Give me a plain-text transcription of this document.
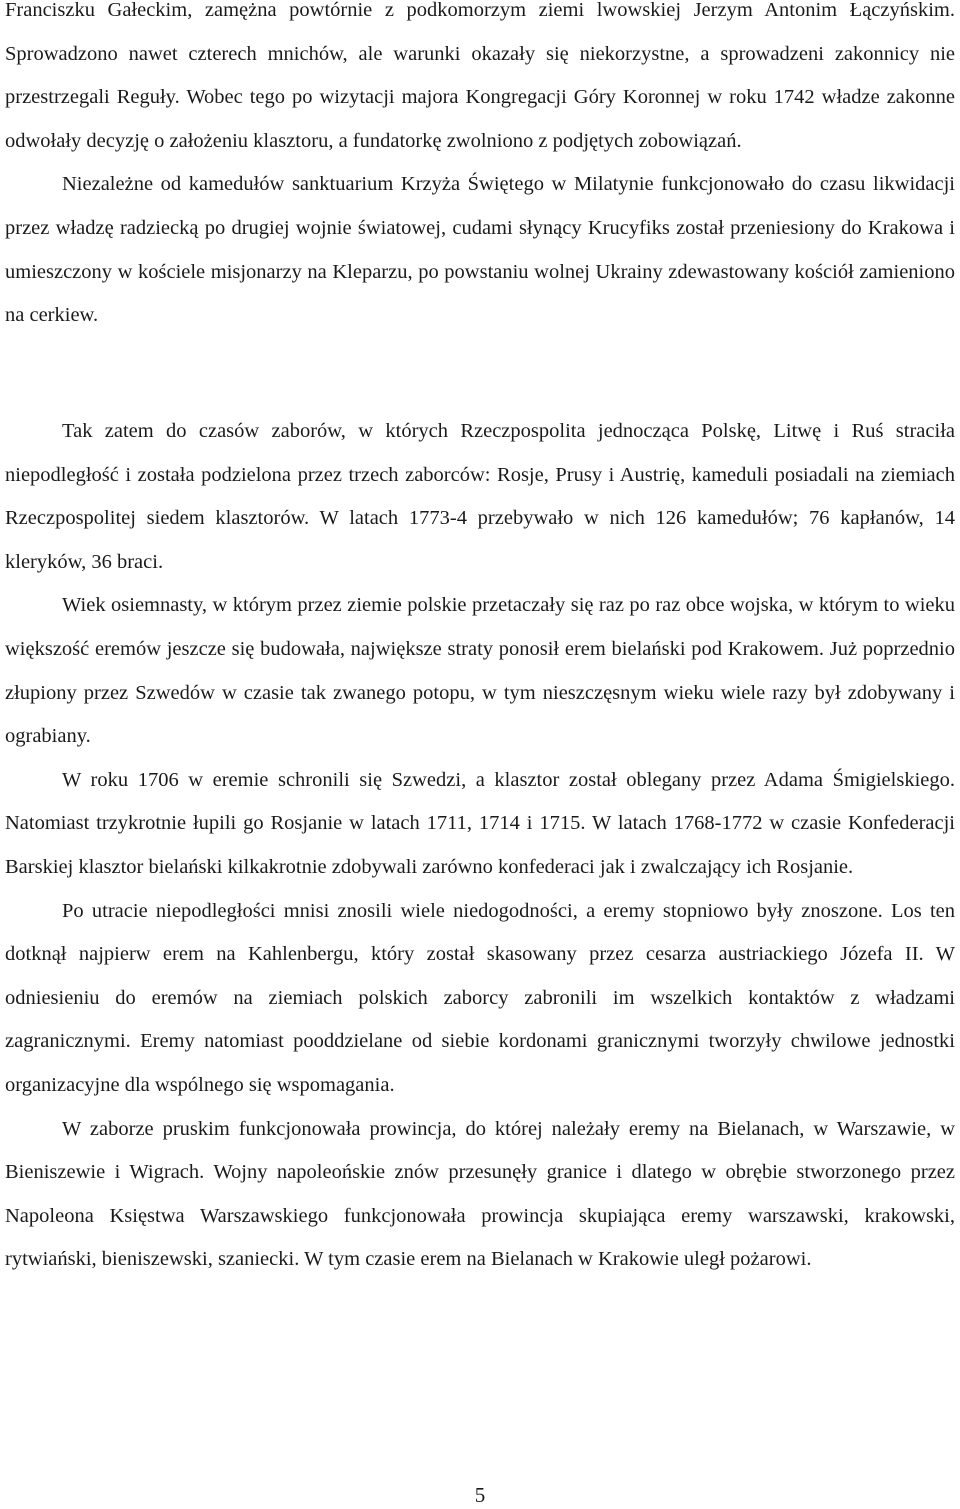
Franciszku Gałeckim, zamężna powtórnie z podkomorzym ziemi lwowskiej Jerzym Antonim Łączyńskim. Sprowadzono nawet czterech mnichów, ale warunki okazały się niekorzystne, a sprowadzeni zakonnicy nie przestrzegali Reguły. Wobec tego po wizytacji majora Kongregacji Góry Koronnej w roku 1742 władze zakonne odwołały decyzję o założeniu klasztoru, a fundatorkę zwolniono z podjętych zobowiązań.

Niezależne od kamedułów sanktuarium Krzyża Świętego w Milatynie funkcjonowało do czasu likwidacji przez władzę radziecką po drugiej wojnie światowej, cudami słynący Krucyfiks został przeniesiony do Krakowa i umieszczony w kościele misjonarzy na Kleparzu, po powstaniu wolnej Ukrainy zdewastowany kościół zamieniono na cerkiew.

Tak zatem do czasów zaborów, w których Rzeczpospolita jednocząca Polskę, Litwę i Ruś straciła niepodległość i została podzielona przez trzech zaborców: Rosje, Prusy i Austrię, kameduli posiadali na ziemiach Rzeczpospolitej siedem klasztorów. W latach 1773-4 przebywało w nich 126 kamedułów; 76 kapłanów, 14 kleryków, 36 braci.

Wiek osiemnasty, w którym przez ziemie polskie przetaczały się raz po raz obce wojska, w którym to wieku większość eremów jeszcze się budowała, największe straty ponosił erem bielański pod Krakowem. Już poprzednio złupiony przez Szwedów w czasie tak zwanego potopu, w tym nieszczęsnym wieku wiele razy był zdobywany i ograbiany.

W roku 1706 w eremie schronili się Szwedzi, a klasztor został oblegany przez Adama Śmigielskiego. Natomiast trzykrotnie łupili go Rosjanie w latach 1711, 1714 i 1715. W latach 1768-1772 w czasie Konfederacji Barskiej klasztor bielański kilkakrotnie zdobywali zarówno konfederaci jak i zwalczający ich Rosjanie.

Po utracie niepodległości mnisi znosili wiele niedogodności, a eremy stopniowo były znoszone. Los ten dotknął najpierw erem na Kahlenbergu, który został skasowany przez cesarza austriackiego Józefa II. W odniesieniu do eremów na ziemiach polskich zaborcy zabronili im wszelkich kontaktów z władzami zagranicznymi. Eremy natomiast pooddzielane od siebie kordonami granicznymi tworzyły chwilowe jednostki organizacyjne dla wspólnego się wspomagania.

W zaborze pruskim funkcjonowała prowincja, do której należały eremy na Bielanach, w Warszawie, w Bieniszewie i Wigrach. Wojny napoleońskie znów przesunęły granice i dlatego w obrębie stworzonego przez Napoleona Księstwa Warszawskiego funkcjonowała prowincja skupiająca eremy warszawski, krakowski, rytwiański, bieniszewski, szaniecki. W tym czasie erem na Bielanach w Krakowie uległ pożarowi.

5
